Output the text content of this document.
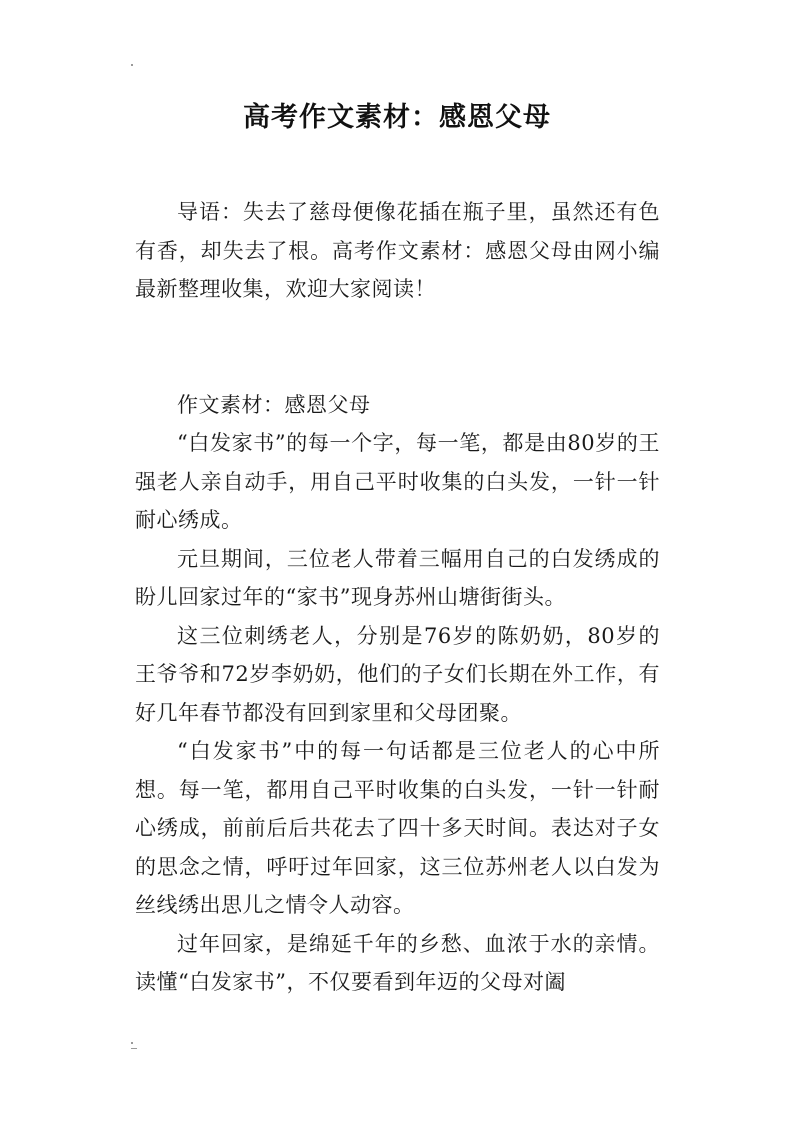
高考作文素材：感恩父母

导语：失去了慈母便像花插在瓶子里，虽然还有色有香，却失去了根。高考作文素材：感恩父母由网小编最新整理收集，欢迎大家阅读！

作文素材：感恩父母

“白发家书”的每一个字，每一笔，都是由80岁的王强老人亲自动手，用自己平时收集的白头发，一针一针耐心绣成。

元旦期间，三位老人带着三幅用自己的白发绣成的盼儿回家过年的“家书”现身苏州山塘街街头。

这三位刺绣老人，分别是76岁的陈奶奶，80岁的王爷爷和72岁李奶奶，他们的子女们长期在外工作，有好几年春节都没有回到家里和父母团聚。

“白发家书”中的每一句话都是三位老人的心中所想。每一笔，都用自己平时收集的白头发，一针一针耐心绣成，前前后后共花去了四十多天时间。表达对子女的思念之情，呼吁过年回家，这三位苏州老人以白发为丝线绣出思儿之情令人动容。

过年回家，是绵延千年的乡愁、血浓于水的亲情。读懂“白发家书”，不仅要看到年迈的父母对阖
